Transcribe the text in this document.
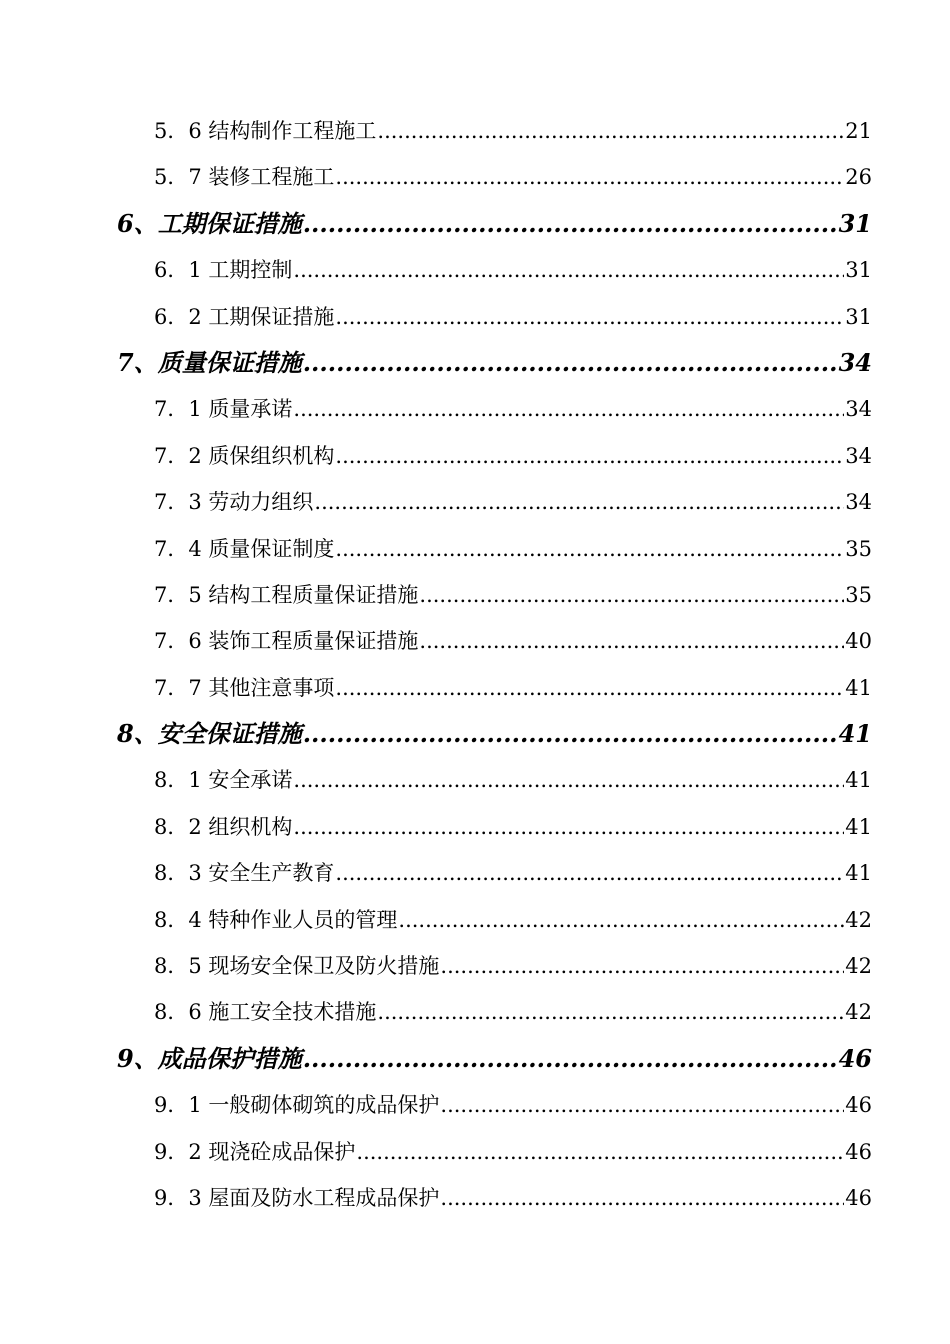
5．6 结构制作工程施工 .....	21
5．7 装修工程施工 .....	26
6、工期保证措施 .....	31
6．1 工期控制 .....	31
6．2 工期保证措施 .....	31
7、质量保证措施 .....	34
7．1 质量承诺 .....	34
7．2 质保组织机构 .....	34
7．3 劳动力组织 .....	34
7．4 质量保证制度 .....	35
7．5 结构工程质量保证措施 .....	35
7．6 装饰工程质量保证措施 .....	40
7．7 其他注意事项 .....	41
8、安全保证措施 .....	41
8．1 安全承诺 .....	41
8．2 组织机构 .....	41
8．3 安全生产教育 .....	41
8．4 特种作业人员的管理 .....	42
8．5 现场安全保卫及防火措施 .....	42
8．6 施工安全技术措施 .....	42
9、成品保护措施 .....	46
9．1 一般砌体砌筑的成品保护 .....	46
9．2 现浇砼成品保护 .....	46
9．3 屋面及防水工程成品保护 .....	46
